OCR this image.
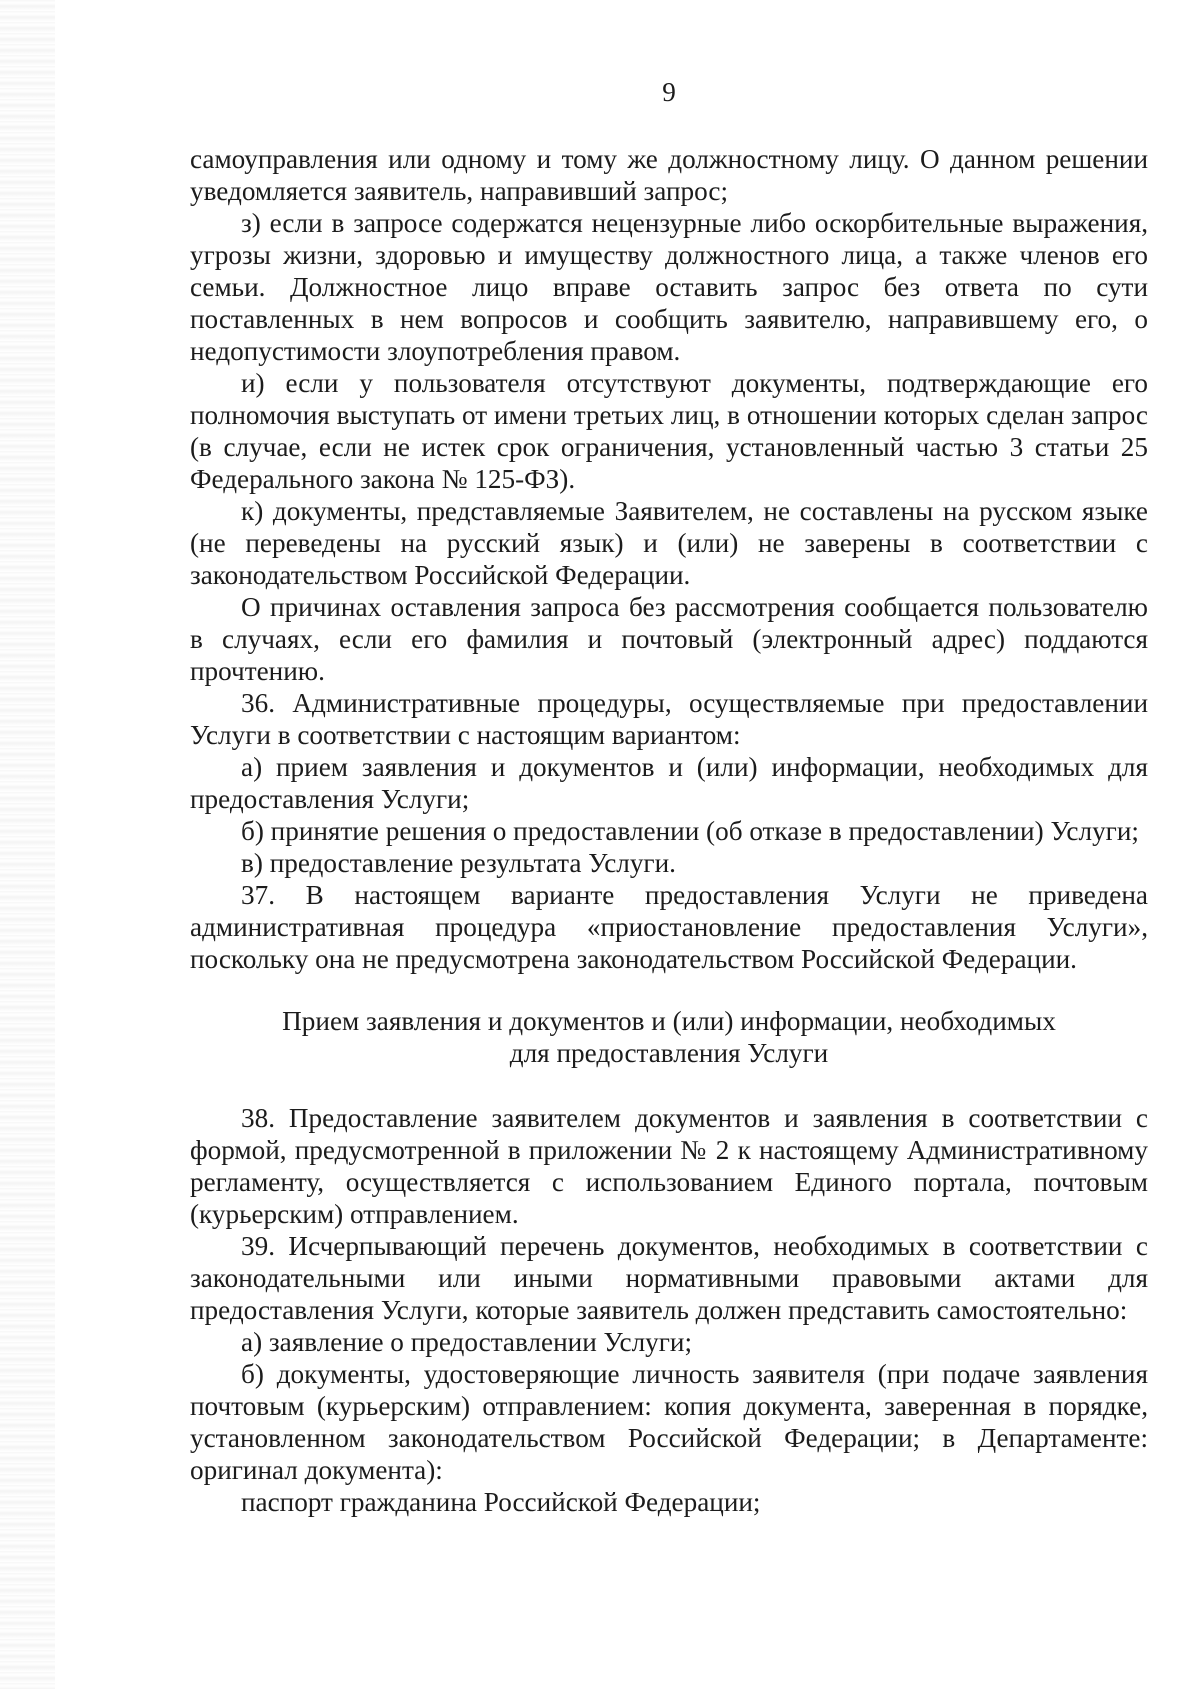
9

самоуправления или одному и тому же должностному лицу. О данном решении уведомляется заявитель, направивший запрос;

з) если в запросе содержатся нецензурные либо оскорбительные выражения, угрозы жизни, здоровью и имуществу должностного лица, а также членов его семьи. Должностное лицо вправе оставить запрос без ответа по сути поставленных в нем вопросов и сообщить заявителю, направившему его, о недопустимости злоупотребления правом.

и) если у пользователя отсутствуют документы, подтверждающие его полномочия выступать от имени третьих лиц, в отношении которых сделан запрос (в случае, если не истек срок ограничения, установленный частью 3 статьи 25 Федерального закона № 125-ФЗ).

к) документы, представляемые Заявителем, не составлены на русском языке (не переведены на русский язык) и (или) не заверены в соответствии с законодательством Российской Федерации.

О причинах оставления запроса без рассмотрения сообщается пользователю в случаях, если его фамилия и почтовый (электронный адрес) поддаются прочтению.

36. Административные процедуры, осуществляемые при предоставлении Услуги в соответствии с настоящим вариантом:

а) прием заявления и документов и (или) информации, необходимых для предоставления Услуги;

б) принятие решения о предоставлении (об отказе в предоставлении) Услуги;

в) предоставление результата Услуги.

37. В настоящем варианте предоставления Услуги не приведена административная процедура «приостановление предоставления Услуги», поскольку она не предусмотрена законодательством Российской Федерации.

Прием заявления и документов и (или) информации, необходимых
для предоставления Услуги

38. Предоставление заявителем документов и заявления в соответствии с формой, предусмотренной в приложении № 2 к настоящему Административному регламенту, осуществляется с использованием Единого портала, почтовым (курьерским) отправлением.

39. Исчерпывающий перечень документов, необходимых в соответствии с законодательными или иными нормативными правовыми актами для предоставления Услуги, которые заявитель должен представить самостоятельно:

а) заявление о предоставлении Услуги;

б) документы, удостоверяющие личность заявителя (при подаче заявления почтовым (курьерским) отправлением: копия документа, заверенная в порядке, установленном законодательством Российской Федерации; в Департаменте: оригинал документа):

паспорт гражданина Российской Федерации;
